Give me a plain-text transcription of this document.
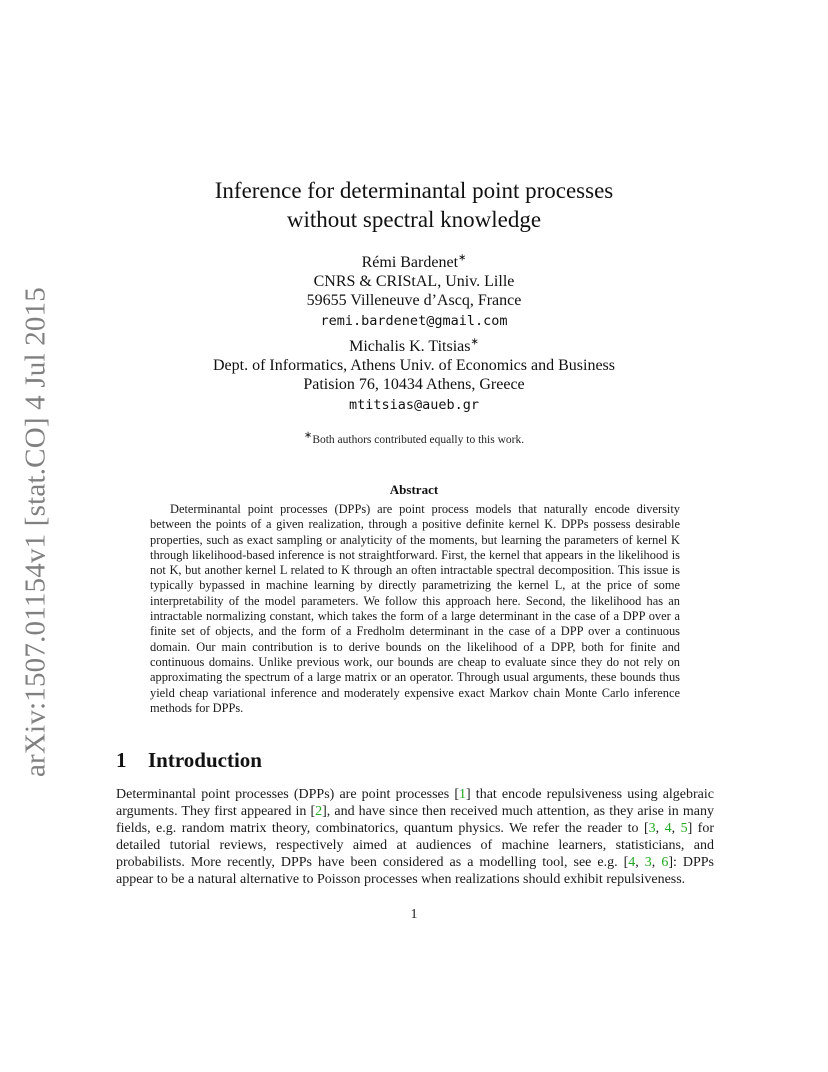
arXiv:1507.01154v1 [stat.CO] 4 Jul 2015
Inference for determinantal point processes
without spectral knowledge
Rémi Bardenet∗
CNRS & CRIStAL, Univ. Lille
59655 Villeneuve d’Ascq, France
remi.bardenet@gmail.com
Michalis K. Titsias∗
Dept. of Informatics, Athens Univ. of Economics and Business
Patision 76, 10434 Athens, Greece
mtitsias@aueb.gr
∗Both authors contributed equally to this work.
Abstract
Determinantal point processes (DPPs) are point process models that naturally encode diversity between the points of a given realization, through a positive definite kernel K. DPPs possess desirable properties, such as exact sampling or analyticity of the moments, but learning the parameters of kernel K through likelihood-based inference is not straightforward. First, the kernel that appears in the likelihood is not K, but another kernel L related to K through an often intractable spectral decomposition. This issue is typically bypassed in machine learning by directly parametrizing the kernel L, at the price of some interpretability of the model parameters. We follow this approach here. Second, the likelihood has an intractable normalizing constant, which takes the form of a large determinant in the case of a DPP over a finite set of objects, and the form of a Fredholm determinant in the case of a DPP over a continuous domain. Our main contribution is to derive bounds on the likelihood of a DPP, both for finite and continuous domains. Unlike previous work, our bounds are cheap to evaluate since they do not rely on approximating the spectrum of a large matrix or an operator. Through usual arguments, these bounds thus yield cheap variational inference and moderately expensive exact Markov chain Monte Carlo inference methods for DPPs.
1 Introduction
Determinantal point processes (DPPs) are point processes [1] that encode repulsiveness using algebraic arguments. They first appeared in [2], and have since then received much attention, as they arise in many fields, e.g. random matrix theory, combinatorics, quantum physics. We refer the reader to [3, 4, 5] for detailed tutorial reviews, respectively aimed at audiences of machine learners, statisticians, and probabilists. More recently, DPPs have been considered as a modelling tool, see e.g. [4, 3, 6]: DPPs appear to be a natural alternative to Poisson processes when realizations should exhibit repulsiveness.
1
